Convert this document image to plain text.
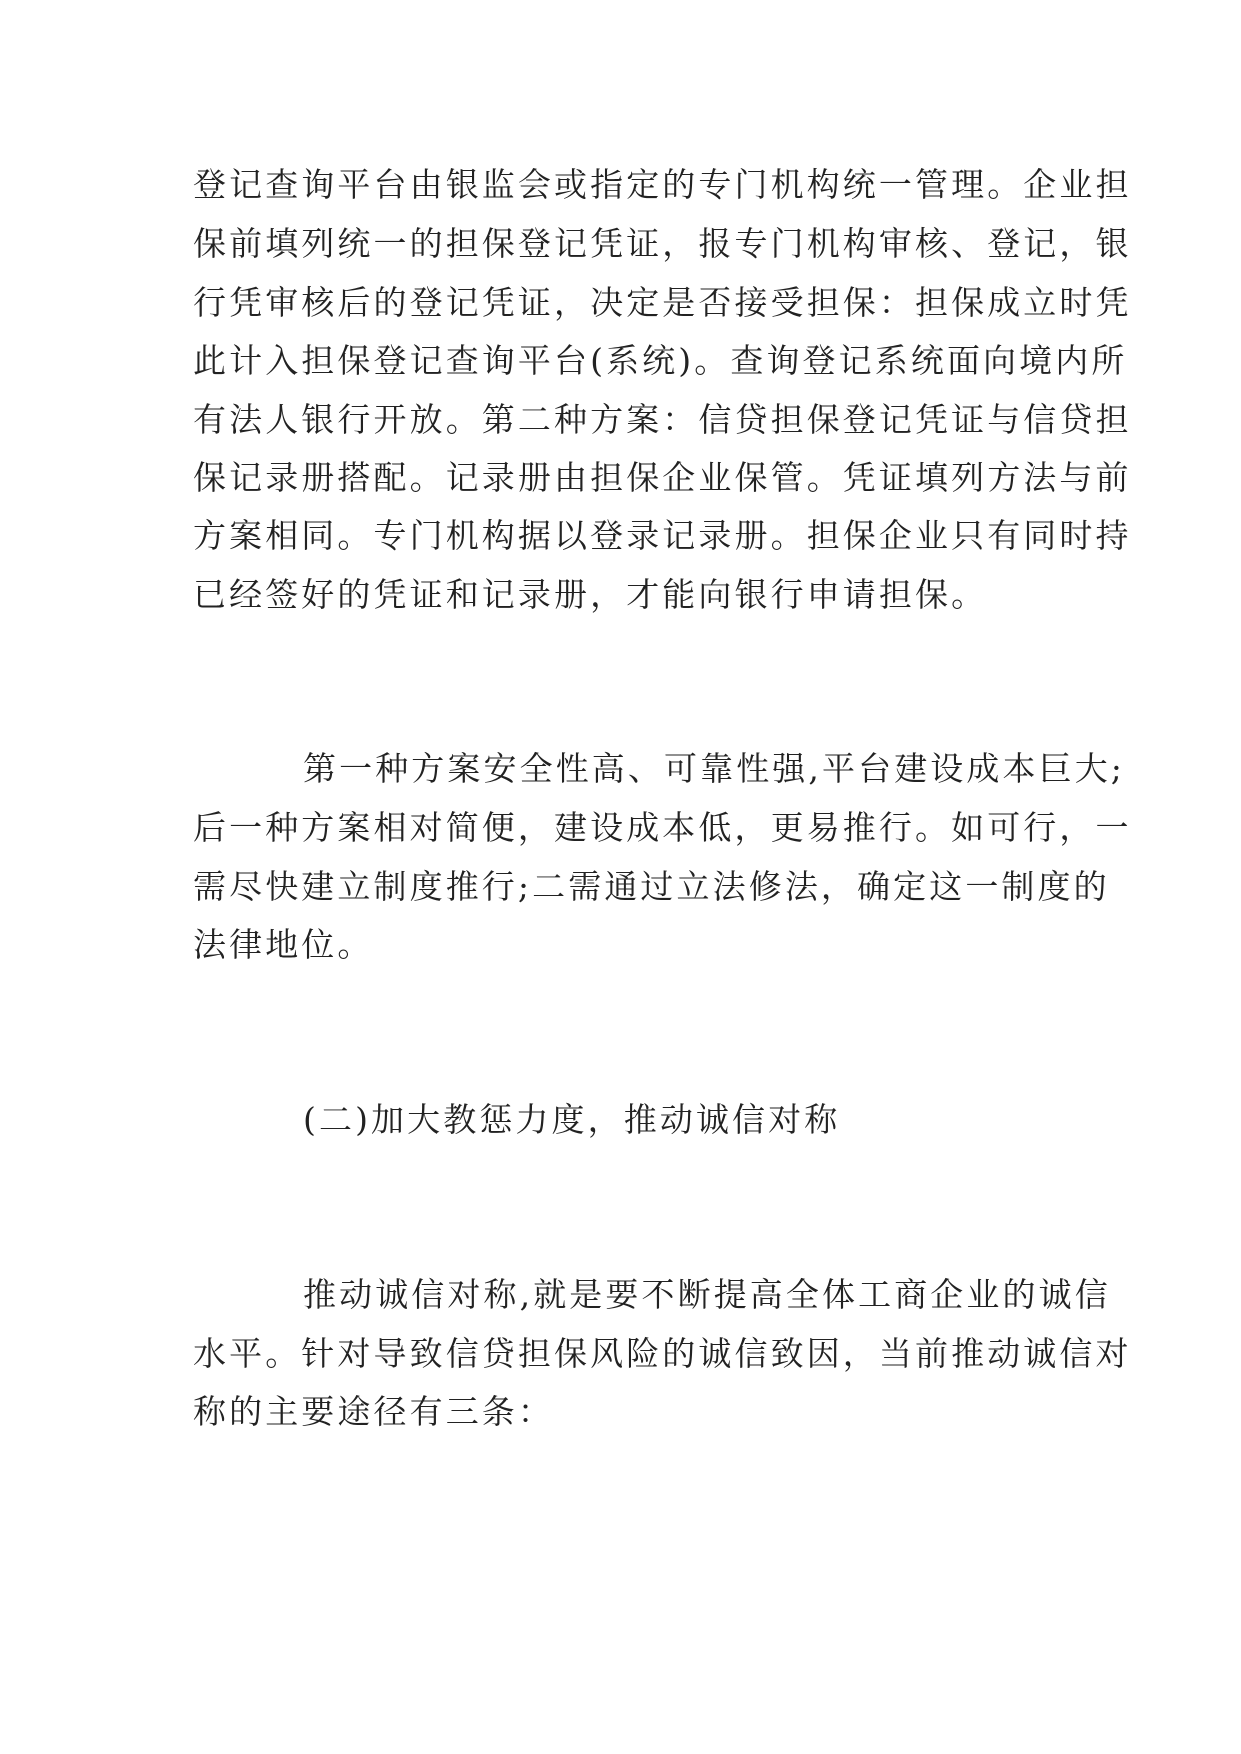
登记查询平台由银监会或指定的专门机构统一管理。企业担
保前填列统一的担保登记凭证，报专门机构审核、登记，银
行凭审核后的登记凭证，决定是否接受担保：担保成立时凭
此计入担保登记查询平台(系统)。查询登记系统面向境内所
有法人银行开放。第二种方案：信贷担保登记凭证与信贷担
保记录册搭配。记录册由担保企业保管。凭证填列方法与前
方案相同。专门机构据以登录记录册。担保企业只有同时持
已经签好的凭证和记录册，才能向银行申请担保。
第一种方案安全性高、可靠性强,平台建设成本巨大;
后一种方案相对简便，建设成本低，更易推行。如可行，一
需尽快建立制度推行;二需通过立法修法，确定这一制度的
法律地位。
(二)加大教惩力度，推动诚信对称
推动诚信对称,就是要不断提高全体工商企业的诚信
水平。针对导致信贷担保风险的诚信致因，当前推动诚信对
称的主要途径有三条：
